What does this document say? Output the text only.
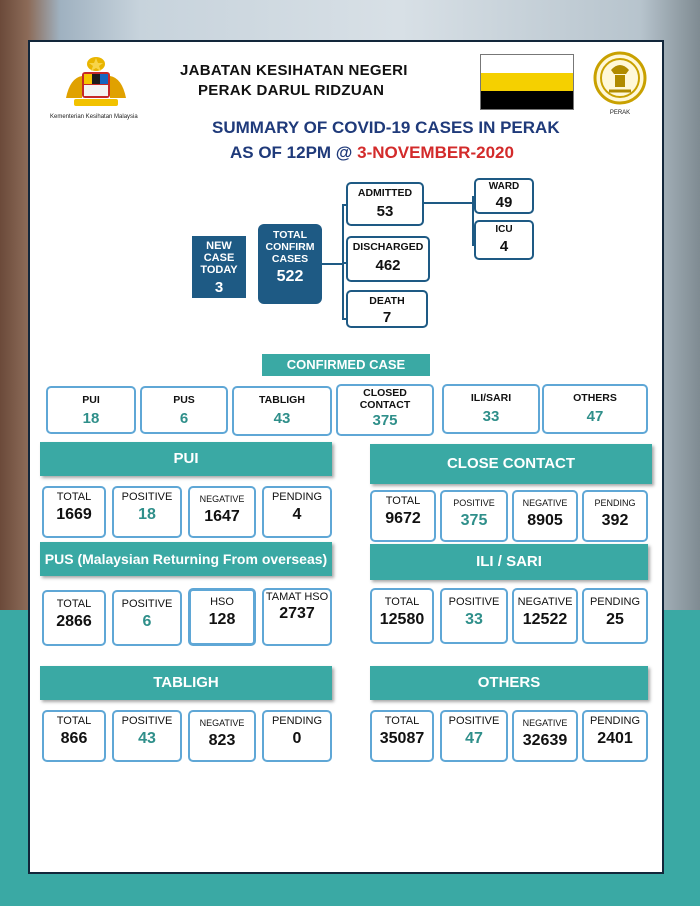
Kementerian Kesihatan Malaysia
JABATAN KESIHATAN NEGERI
PERAK DARUL RIDZUAN
PERAK
SUMMARY OF COVID-19 CASES IN PERAK
AS OF 12PM @ 3-NOVEMBER-2020
NEW CASE TODAY
3
TOTAL CONFIRM CASES
522
ADMITTED
53
DISCHARGED
462
DEATH
7
WARD
49
ICU
4
CONFIRMED CASE
PUI
18
PUS
6
TABLIGH
43
CLOSED CONTACT
375
ILI/SARI
33
OTHERS
47
PUI
TOTAL
1669
POSITIVE
18
NEGATIVE
1647
PENDING
4
CLOSE CONTACT
TOTAL
9672
POSITIVE
375
NEGATIVE
8905
PENDING
392
PUS (Malaysian Returning From overseas)
TOTAL
2866
POSITIVE
6
HSO
128
TAMAT HSO
2737
ILI / SARI
TOTAL
12580
POSITIVE
33
NEGATIVE
12522
PENDING
25
TABLIGH
TOTAL
866
POSITIVE
43
NEGATIVE
823
PENDING
0
OTHERS
TOTAL
35087
POSITIVE
47
NEGATIVE
32639
PENDING
2401
